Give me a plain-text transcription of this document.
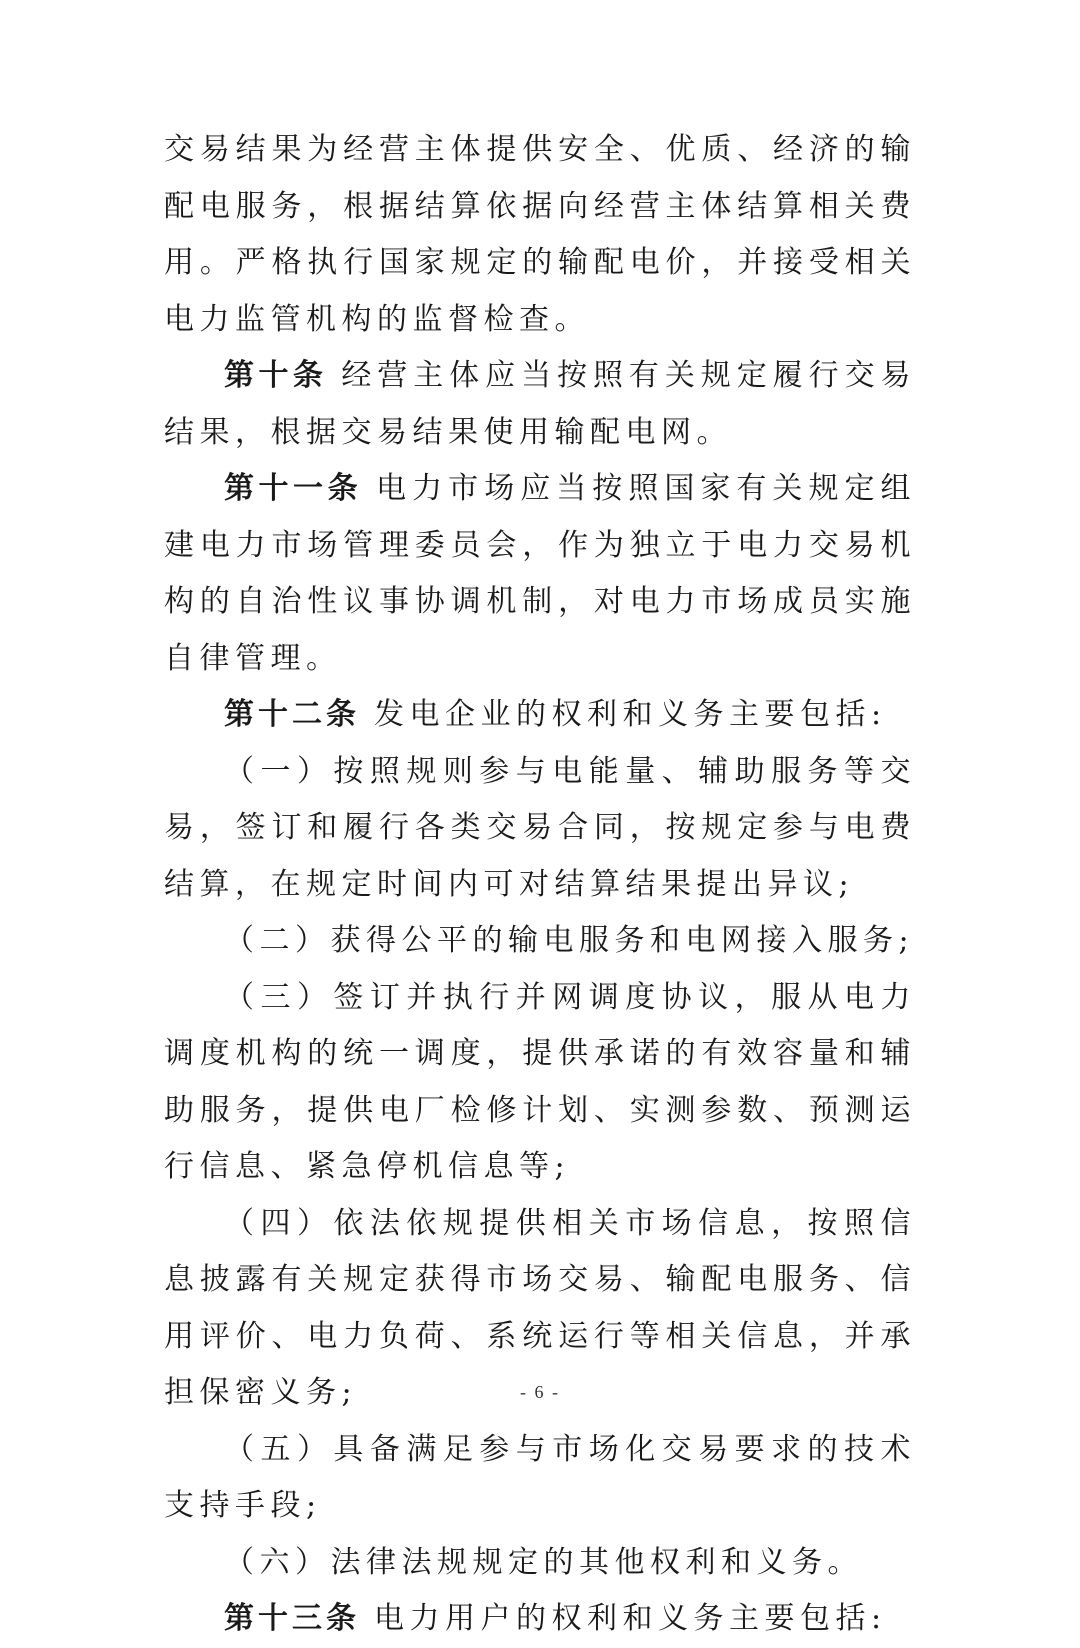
交易结果为经营主体提供安全、优质、经济的输配电服务，根据结算依据向经营主体结算相关费用。严格执行国家规定的输配电价，并接受相关电力监管机构的监督检查。

第十条 经营主体应当按照有关规定履行交易结果，根据交易结果使用输配电网。

第十一条 电力市场应当按照国家有关规定组建电力市场管理委员会，作为独立于电力交易机构的自治性议事协调机制，对电力市场成员实施自律管理。

第十二条 发电企业的权利和义务主要包括:

（一）按照规则参与电能量、辅助服务等交易，签订和履行各类交易合同，按规定参与电费结算，在规定时间内可对结算结果提出异议;

（二）获得公平的输电服务和电网接入服务;

（三）签订并执行并网调度协议，服从电力调度机构的统一调度，提供承诺的有效容量和辅助服务，提供电厂检修计划、实测参数、预测运行信息、紧急停机信息等;

（四）依法依规提供相关市场信息，按照信息披露有关规定获得市场交易、输配电服务、信用评价、电力负荷、系统运行等相关信息，并承担保密义务;

（五）具备满足参与市场化交易要求的技术支持手段;

（六）法律法规规定的其他权利和义务。

第十三条 电力用户的权利和义务主要包括:

- 6 -
